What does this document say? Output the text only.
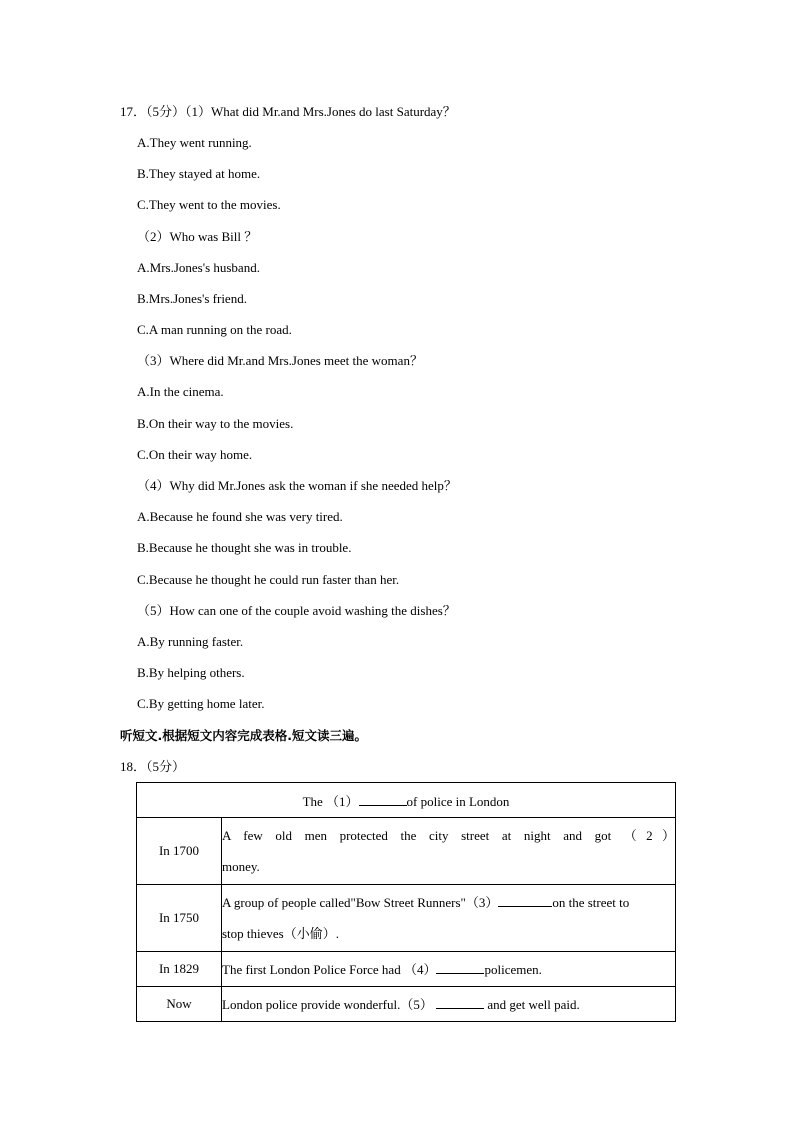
17．（5分）（1）What did Mr.and Mrs.Jones do last Saturday？
A.They went running.
B.They stayed at home.
C.They went to the movies.
（2）Who was Bill ？
A.Mrs.Jones's husband.
B.Mrs.Jones's friend.
C.A man running on the road.
（3）Where did Mr.and Mrs.Jones meet the woman？
A.In the cinema.
B.On their way to the movies.
C.On their way home.
（4）Why did Mr.Jones ask the woman if she needed help？
A.Because he found she was very tired.
B.Because he thought she was in trouble.
C.Because he thought he could run faster than her.
（5）How can one of the couple avoid washing the dishes？
A.By running faster.
B.By helping others.
C.By getting home later.
听短文.根据短文内容完成表格.短文读三遍。
18．（5分）
The （1） of police in London	
In 1700	A few old men protected the city street at night and got （2）
money.

In 1750	A group of people called"Bow Street Runners"（3） on the street to
stop thieves（小偷）.

In 1829	The first London Police Force had （4） policemen.
Now	London police provide wonderful.（5） and get well paid.
